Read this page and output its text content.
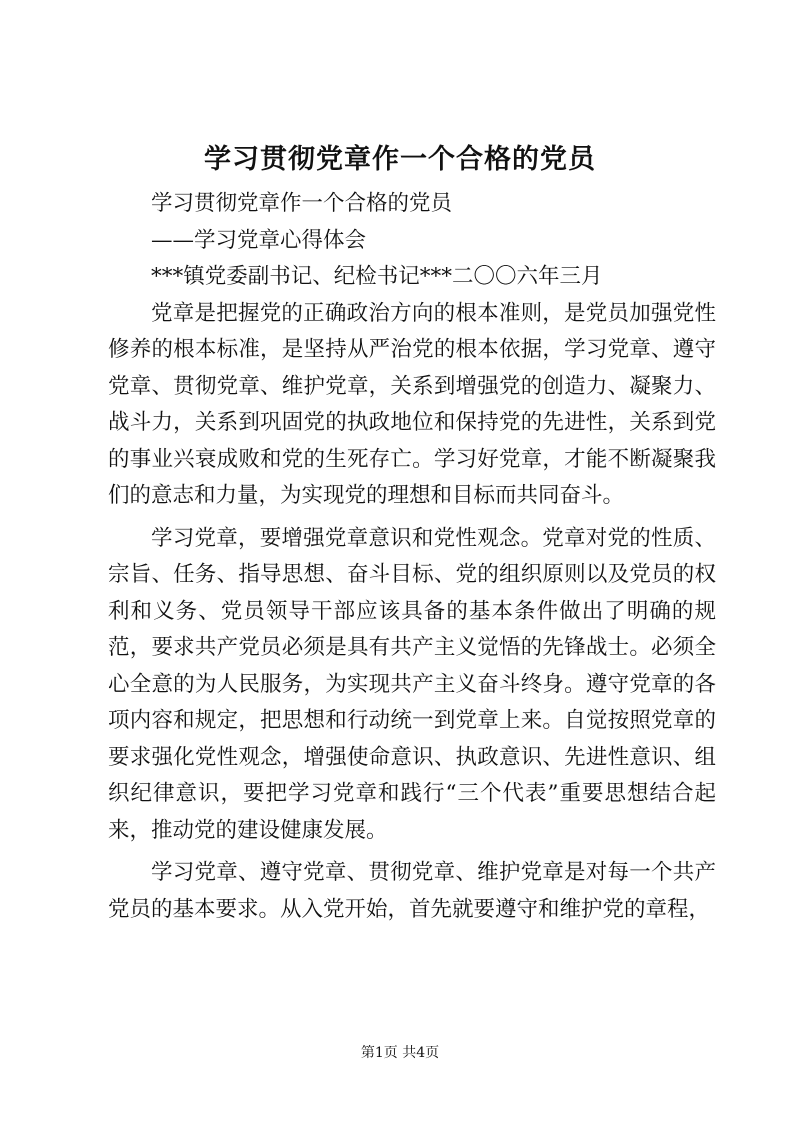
学习贯彻党章作一个合格的党员

学习贯彻党章作一个合格的党员

——学习党章心得体会

***镇党委副书记、纪检书记***二〇〇六年三月

党章是把握党的正确政治方向的根本准则，是党员加强党性修养的根本标准，是坚持从严治党的根本依据，学习党章、遵守党章、贯彻党章、维护党章，关系到增强党的创造力、凝聚力、战斗力，关系到巩固党的执政地位和保持党的先进性，关系到党的事业兴衰成败和党的生死存亡。学习好党章，才能不断凝聚我们的意志和力量，为实现党的理想和目标而共同奋斗。

学习党章，要增强党章意识和党性观念。党章对党的性质、宗旨、任务、指导思想、奋斗目标、党的组织原则以及党员的权利和义务、党员领导干部应该具备的基本条件做出了明确的规范，要求共产党员必须是具有共产主义觉悟的先锋战士。必须全心全意的为人民服务，为实现共产主义奋斗终身。遵守党章的各项内容和规定，把思想和行动统一到党章上来。自觉按照党章的要求强化党性观念，增强使命意识、执政意识、先进性意识、组织纪律意识，要把学习党章和践行“三个代表”重要思想结合起来，推动党的建设健康发展。

学习党章、遵守党章、贯彻党章、维护党章是对每一个共产党员的基本要求。从入党开始，首先就要遵守和维护党的章程，

第1页 共4页
